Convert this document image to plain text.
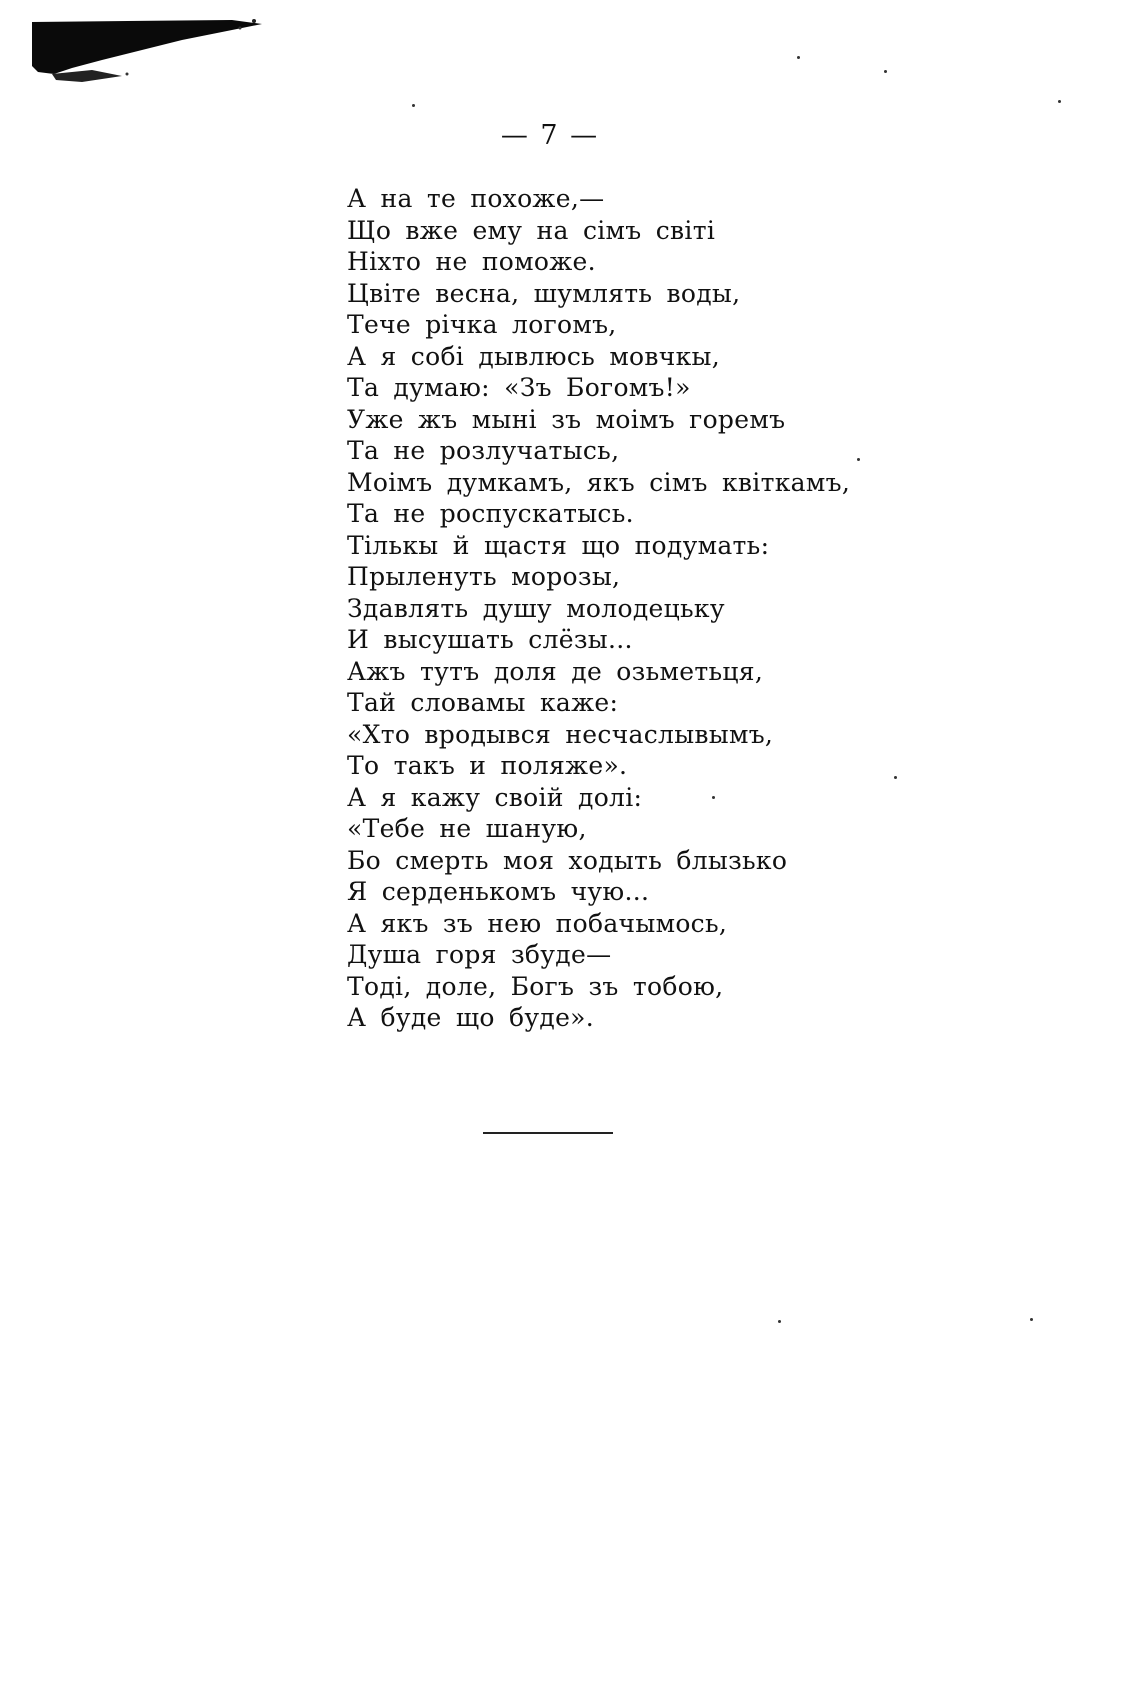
— 7 —
А на те похоже,—
Що вже ему на сімъ світі
Ніхто не поможе.
Цвіте весна, шумлять воды,
Тече річка логомъ,
А я собі дывлюсь мовчкы,
Та думаю: «Зъ Богомъ!»
Уже жъ мыні зъ моімъ горемъ
Та не розлучатысь,
Моімъ думкамъ, якъ сімъ квіткамъ,
Та не роспускатысь.
Тількы й щастя що подумать:
Прыленуть морозы,
Здавлять душу молодецьку
И высушать слёзы...
Ажъ тутъ доля де озьметьця,
Тай словамы каже:
«Хто вродывся несчаслывымъ,
То такъ и поляже».
А я кажу своій долі:
«Тебе не шаную,
Бо смерть моя ходыть блызько
Я серденькомъ чую...
А якъ зъ нею побачымось,
Душа горя збуде—
Тоді, доле, Богъ зъ тобою,
А буде що буде».
